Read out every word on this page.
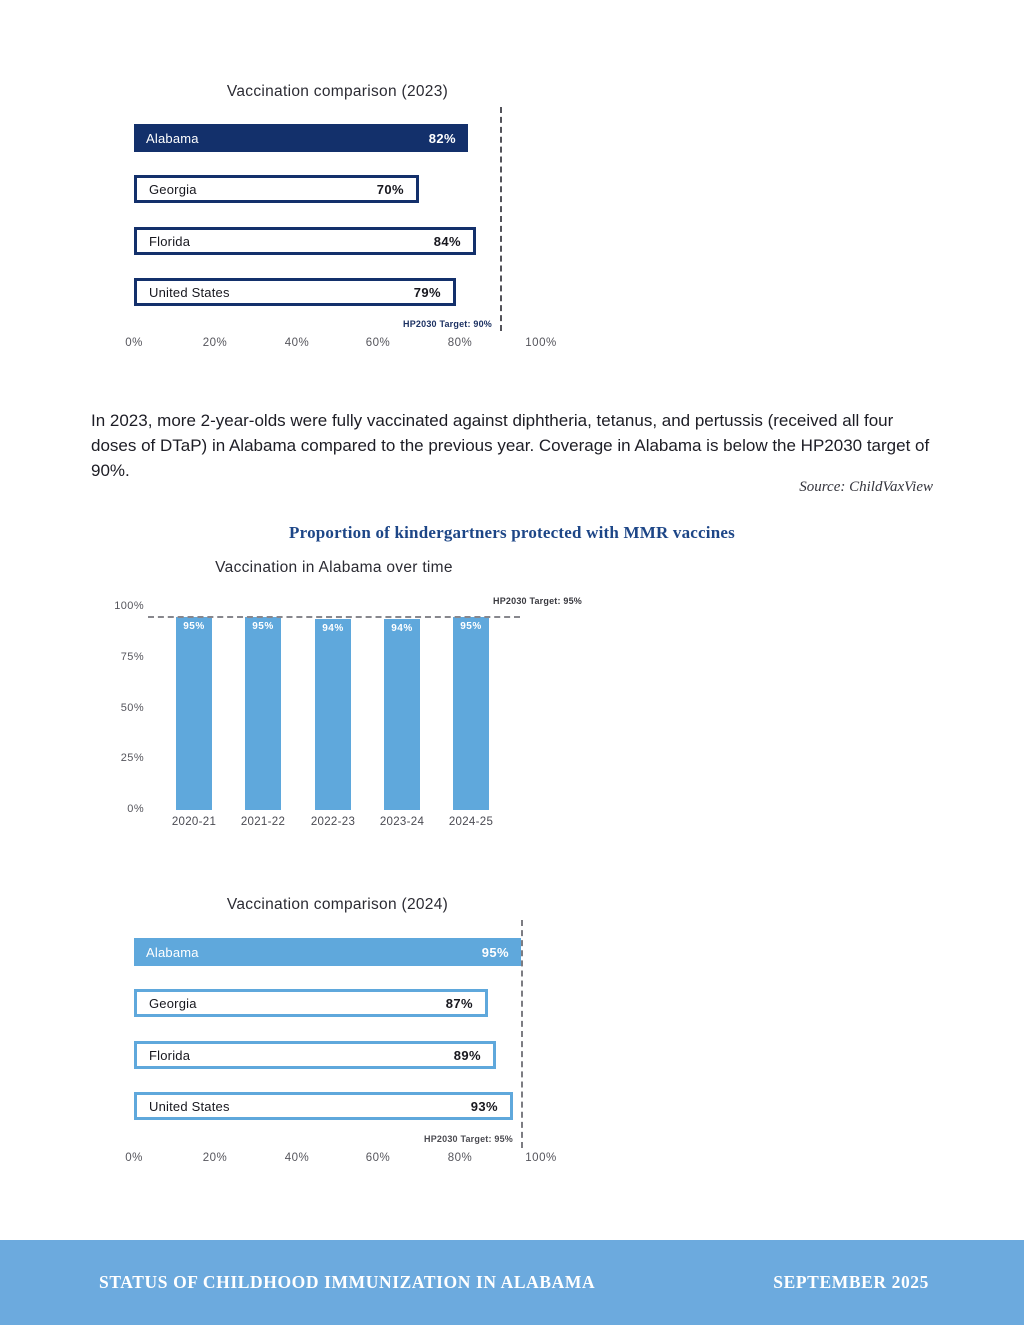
Vaccination comparison (2023)
Alabama	82%
Georgia	70%
Florida	84%
United States	79%
HP2030 Target: 90%
0%	20%	40%	60%	80%	100%

In 2023, more 2-year-olds were fully vaccinated against diphtheria, tetanus, and pertussis (received all four doses of DTaP) in Alabama compared to the previous year. Coverage in Alabama is below the HP2030 target of 90%.

Source: ChildVaxView
Proportion of kindergartners protected with MMR vaccines
Vaccination in Alabama over time
0%
25%
50%
75%
100%
95%
2020-21
95%
2021-22
94%
2022-23
94%
2023-24
95%
2024-25
HP2030 Target: 95%
Vaccination comparison (2024)
Alabama	95%
Georgia	87%
Florida	89%
United States	93%
HP2030 Target: 95%
0%	20%	40%	60%	80%	100%
STATUS OF CHILDHOOD IMMUNIZATION IN ALABAMA	SEPTEMBER 2025
